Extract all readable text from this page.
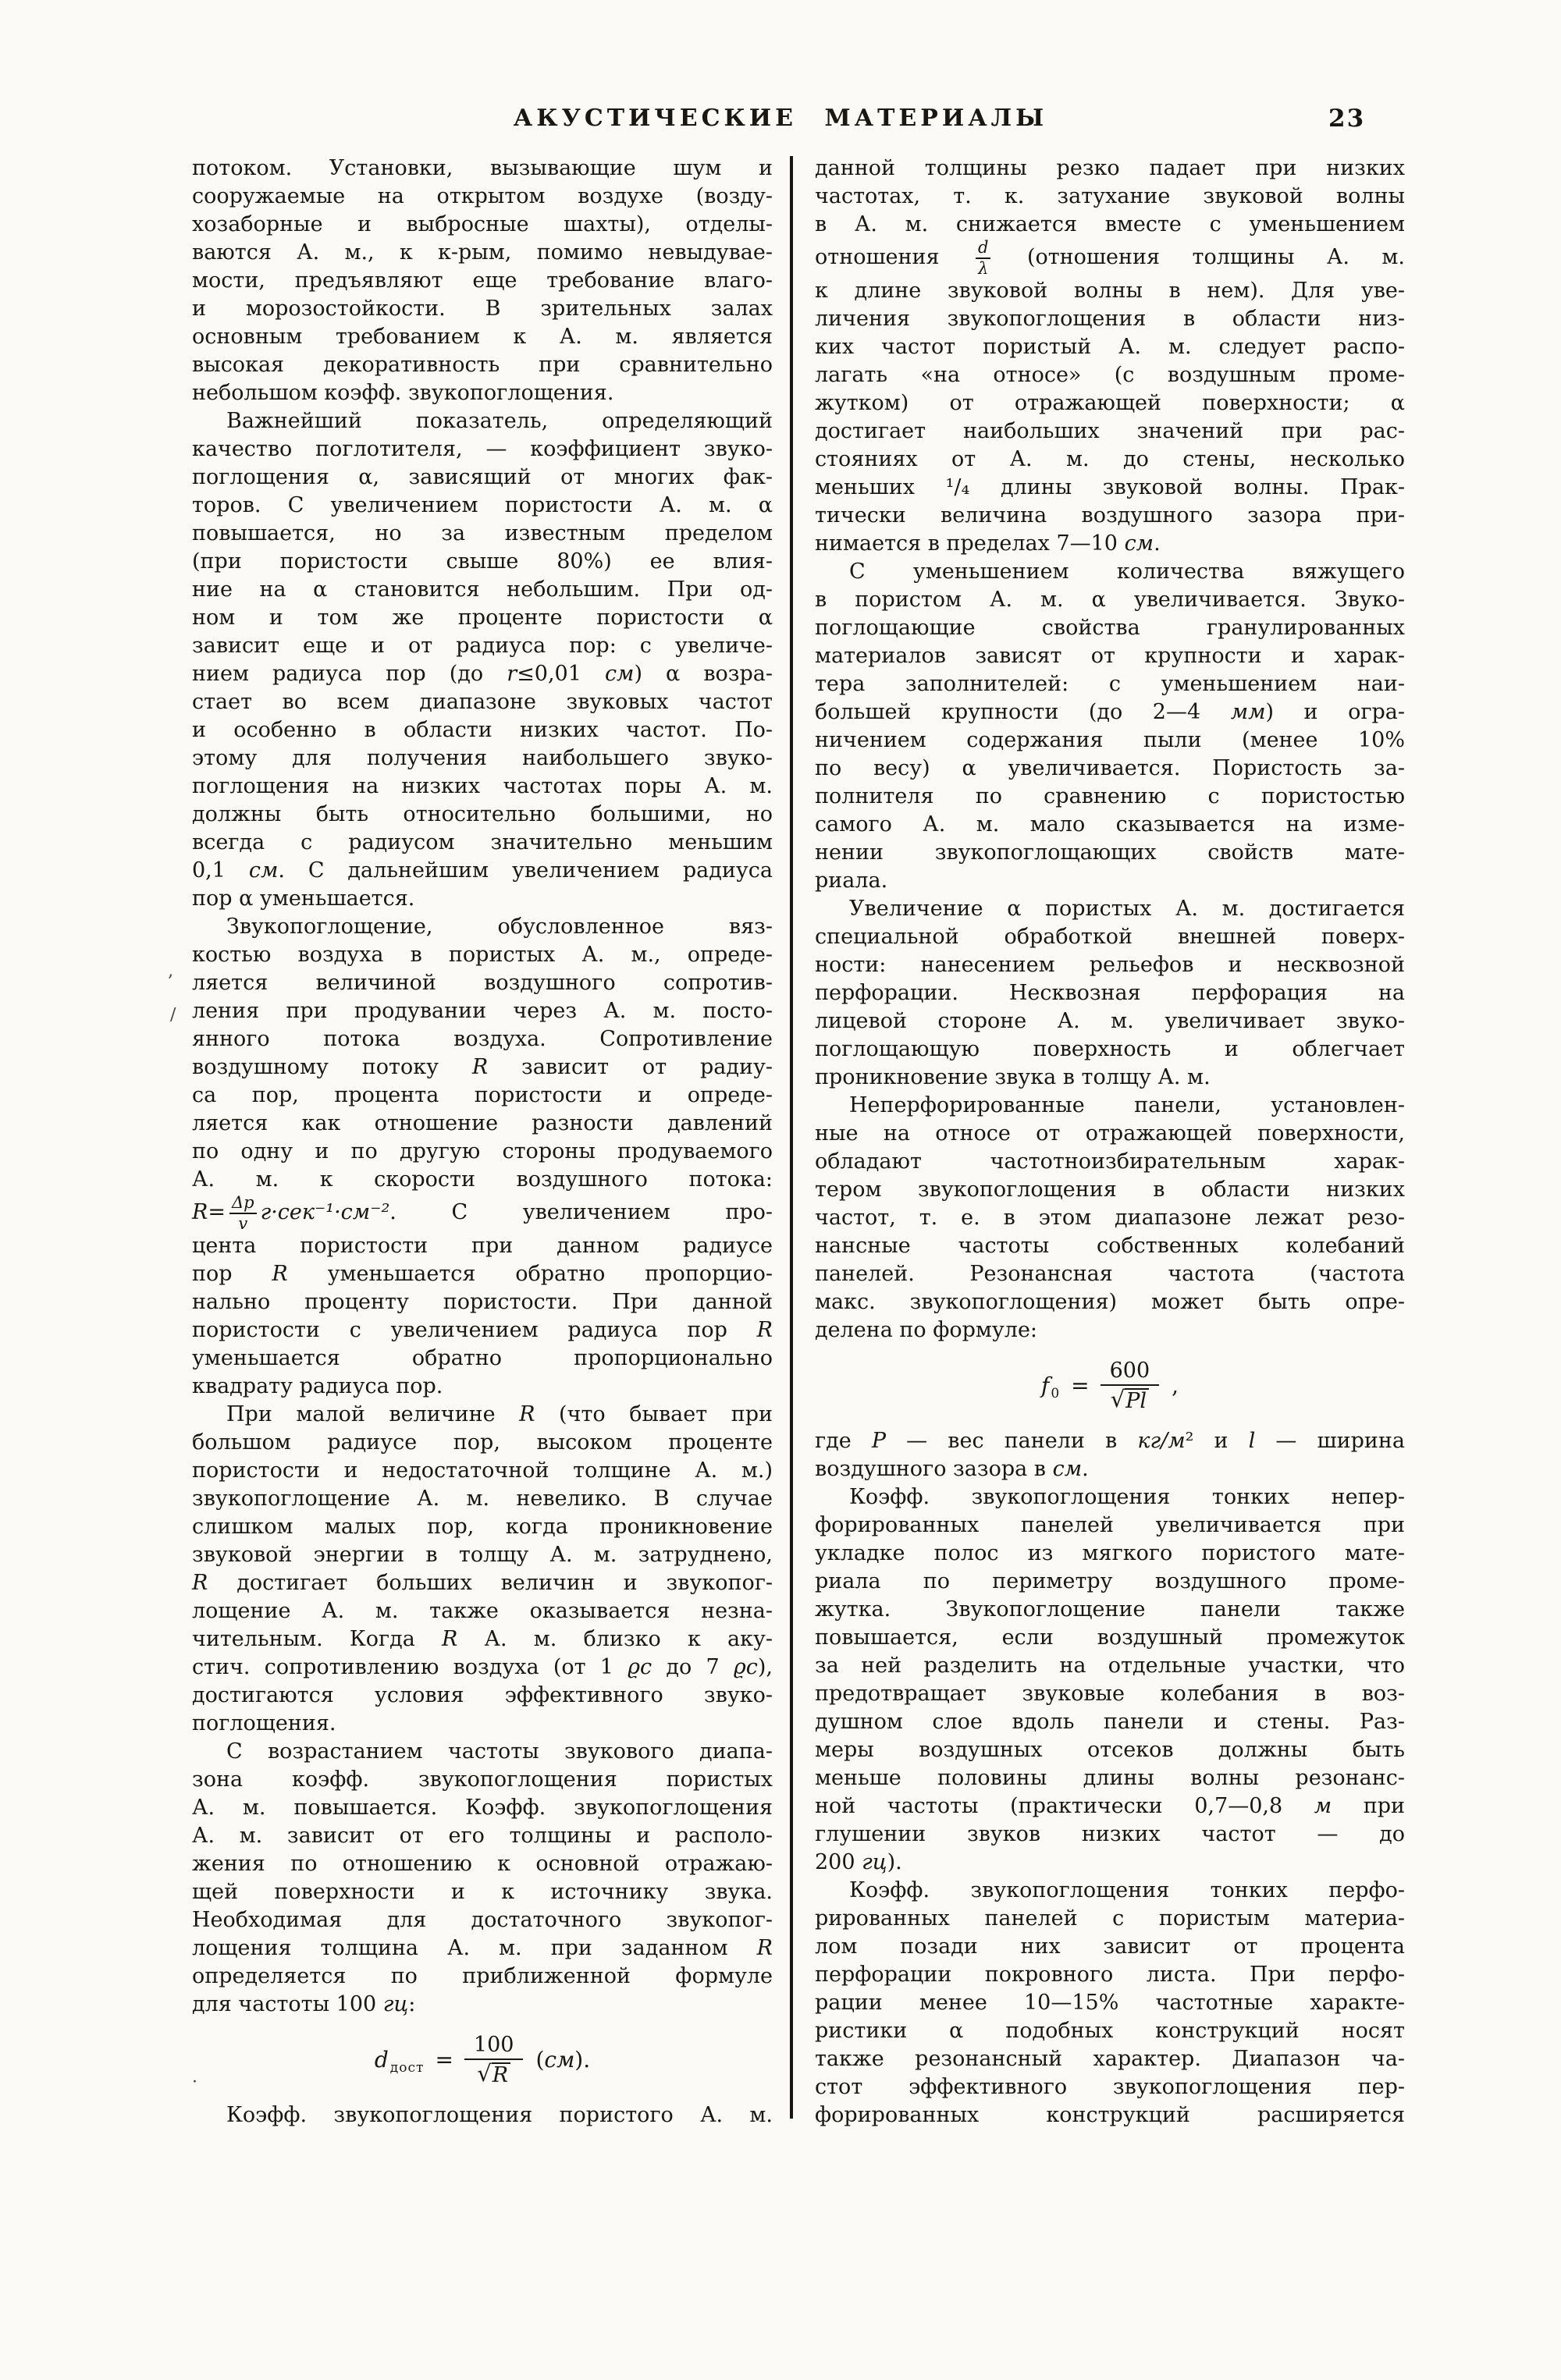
АКУСТИЧЕСКИЕ МАТЕРИАЛЫ	23
потоком. Установки, вызывающие шум и
сооружаемые на открытом воздухе (возду-
хозаборные и выбросные шахты), отделы-
ваются А. м., к к-рым, помимо невыдувае-
мости, предъявляют еще требование влаго-
и морозостойкости. В зрительных залах
основным требованием к А. м. является
высокая декоративность при сравнительно
небольшом коэфф. звукопоглощения.
Важнейший показатель, определяющий
качество поглотителя, — коэффициент звуко-
поглощения α, зависящий от многих фак-
торов. С увеличением пористости А. м. α
повышается, но за известным пределом
(при пористости свыше 80%) ее влия-
ние на α становится небольшим. При од-
ном и том же проценте пористости α
зависит еще и от радиуса пор: с увеличе-
нием радиуса пор (до r≤0,01 см) α возра-
стает во всем диапазоне звуковых частот
и особенно в области низких частот. По-
этому для получения наибольшего звуко-
поглощения на низких частотах поры А. м.
должны быть относительно большими, но
всегда с радиусом значительно меньшим
0,1 см. С дальнейшим увеличением радиуса
пор α уменьшается.
Звукопоглощение, обусловленное вяз-
костью воздуха в пористых А. м., опреде-
ляется величиной воздушного сопротив-
ления при продувании через А. м. посто-
янного потока воздуха. Сопротивление
воздушному потоку R зависит от радиу-
са пор, процента пористости и опреде-
ляется как отношение разности давлений
по одну и по другую стороны продуваемого
А. м. к скорости воздушного потока:
$R= \frac{\Delta p}{v} г\cdot сек^{-1}\cdot см^{-2}$. С увеличением про-
цента пористости при данном радиусе
пор R уменьшается обратно пропорцио-
нально проценту пористости. При данной
пористости с увеличением радиуса пор R
уменьшается обратно пропорционально
квадрату радиуса пор.
При малой величине R (что бывает при
большом радиусе пор, высоком проценте
пористости и недостаточной толщине А. м.)
звукопоглощение А. м. невелико. В случае
слишком малых пор, когда проникновение
звуковой энергии в толщу А. м. затруднено,
R достигает больших величин и звукопог-
лощение А. м. также оказывается незна-
чительным. Когда R А. м. близко к аку-
стич. сопротивлению воздуха (от 1 ϱс до 7 ϱс),
достигаются условия эффективного звуко-
поглощения.
С возрастанием частоты звукового диапа-
зона коэфф. звукопоглощения пористых
А. м. повышается. Коэфф. звукопоглощения
А. м. зависит от его толщины и располо-
жения по отношению к основной отражаю-
щей поверхности и к источнику звука.
Необходимая для достаточного звукопог-
лощения толщина А. м. при заданном R
определяется по приближенной формуле
для частоты 100 гц:
d дост = $\frac{100}{√ R} (см)$.
Коэфф. звукопоглощения пористого А. м.
данной толщины резко падает при низких
частотах, т. к. затухание звуковой волны
в А. м. снижается вместе с уменьшением
отношения $\frac{d}{\lambda}$ (отношения толщины А. м.
к длине звуковой волны в нем). Для уве-
личения звукопоглощения в области низ-
ких частот пористый А. м. следует распо-
лагать «на относе» (с воздушным проме-
жутком) от отражающей поверхности; α
достигает наибольших значений при рас-
стояниях от А. м. до стены, несколько
меньших ¹/₄ длины звуковой волны. Прак-
тически величина воздушного зазора при-
нимается в пределах 7—10 см.
С уменьшением количества вяжущего
в пористом А. м. α увеличивается. Звуко-
поглощающие свойства гранулированных
материалов зависят от крупности и харак-
тера заполнителей: с уменьшением наи-
большей крупности (до 2—4 мм) и огра-
ничением содержания пыли (менее 10%
по весу) α увеличивается. Пористость за-
полнителя по сравнению с пористостью
самого А. м. мало сказывается на изме-
нении звукопоглощающих свойств мате-
риала.
Увеличение α пористых А. м. достигается
специальной обработкой внешней поверх-
ности: нанесением рельефов и несквозной
перфорации. Несквозная перфорация на
лицевой стороне А. м. увеличивает звуко-
поглощающую поверхность и облегчает
проникновение звука в толщу А. м.
Неперфорированные панели, установлен-
ные на относе от отражающей поверхности,
обладают частотноизбирательным харак-
тером звукопоглощения в области низких
частот, т. е. в этом диапазоне лежат резо-
нансные частоты собственных колебаний
панелей. Резонансная частота (частота
макс. звукопоглощения) может быть опре-
делена по формуле:
f $0 = \frac{600}{√ Pl}$ ,
где P — вес панели в кг/м² и l — ширина
воздушного зазора в см.
Коэфф. звукопоглощения тонких непер-
форированных панелей увеличивается при
укладке полос из мягкого пористого мате-
риала по периметру воздушного проме-
жутка. Звукопоглощение панели также
повышается, если воздушный промежуток
за ней разделить на отдельные участки, что
предотвращает звуковые колебания в воз-
душном слое вдоль панели и стены. Раз-
меры воздушных отсеков должны быть
меньше половины длины волны резонанс-
ной частоты (практически 0,7—0,8 м при
глушении звуков низких частот — до
200 гц).
Коэфф. звукопоглощения тонких перфо-
рированных панелей с пористым материа-
лом позади них зависит от процента
перфорации покровного листа. При перфо-
рации менее 10—15% частотные характе-
ристики α подобных конструкций носят
также резонансный характер. Диапазон ча-
стот эффективного звукопоглощения пер-
форированных конструкций расширяется
‚
∕
·
